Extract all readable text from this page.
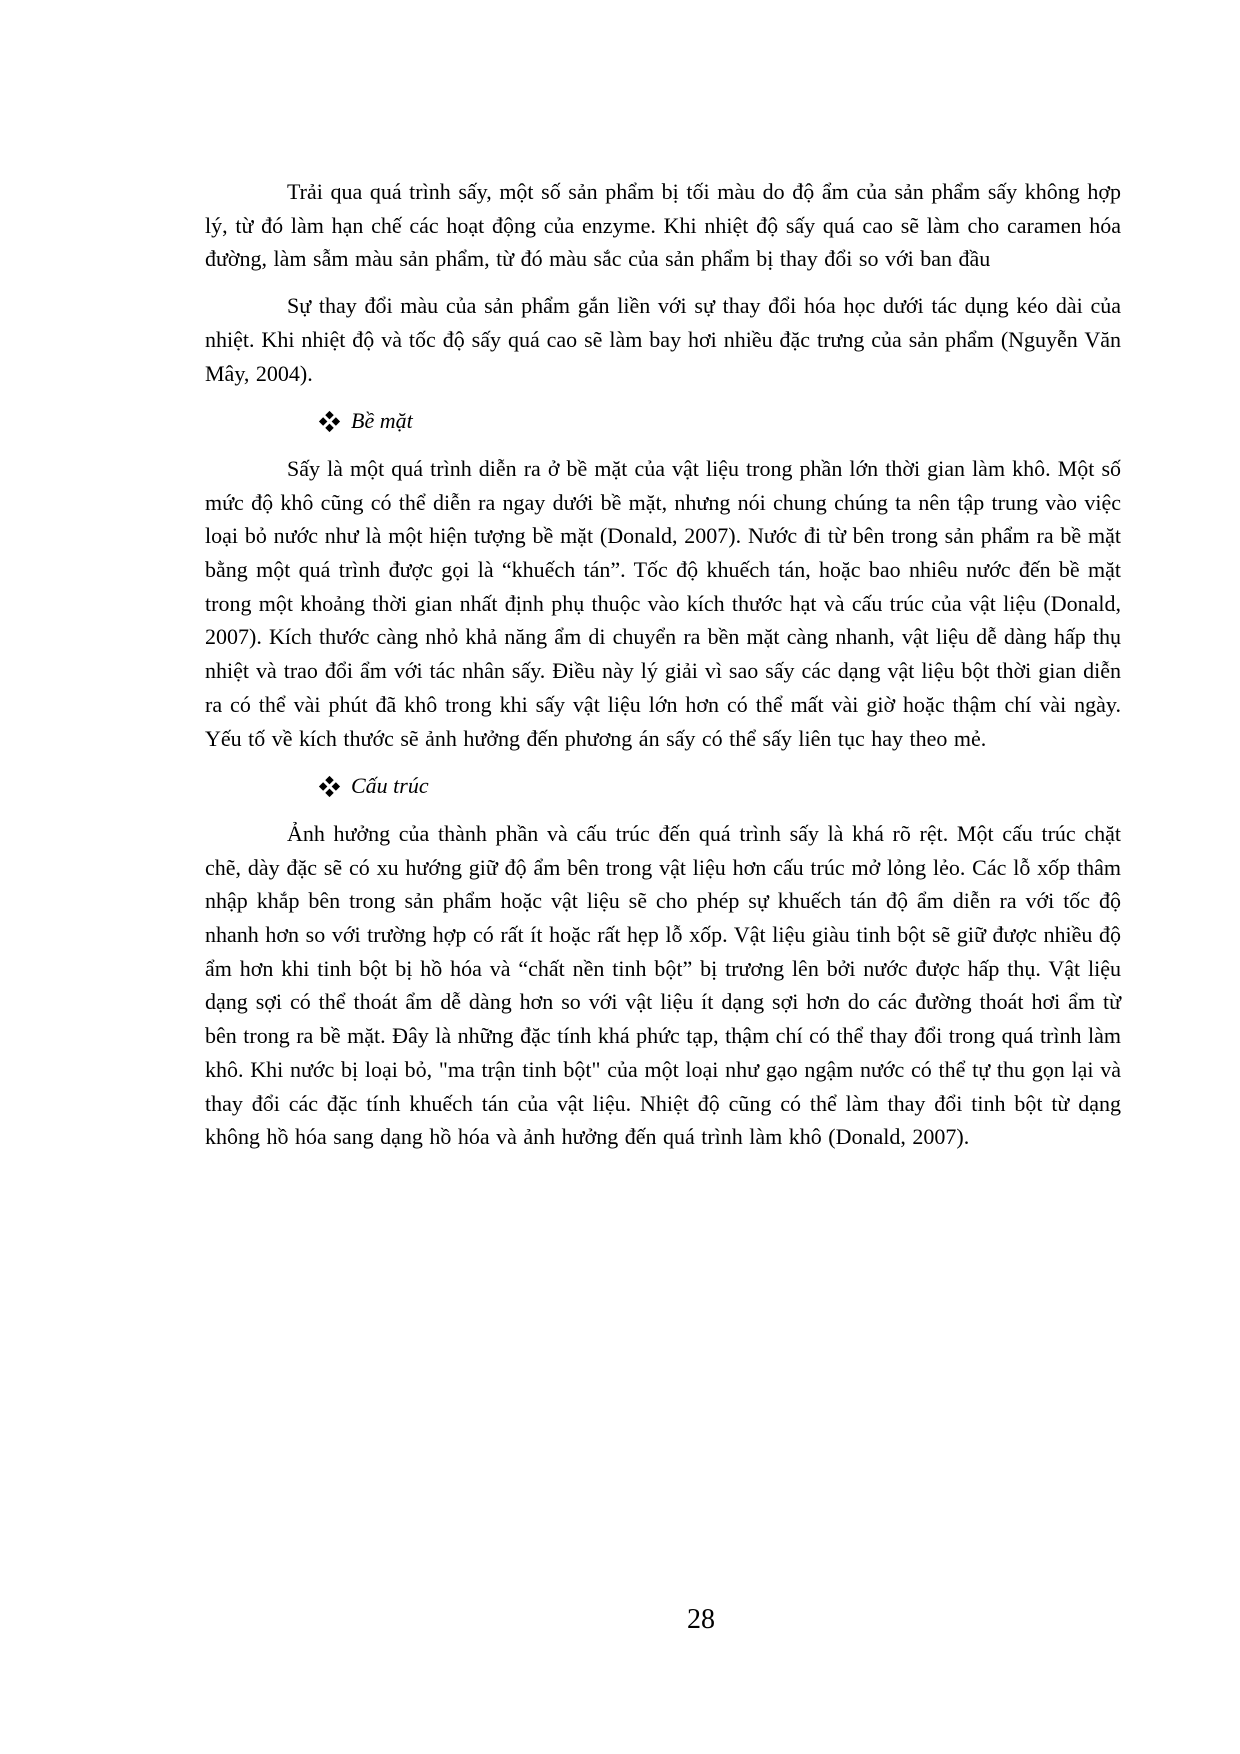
Trải qua quá trình sấy, một số sản phẩm bị tối màu do độ ẩm của sản phẩm sấy không hợp lý, từ đó làm hạn chế các hoạt động của enzyme. Khi nhiệt độ sấy quá cao sẽ làm cho caramen hóa đường, làm sẫm màu sản phẩm, từ đó màu sắc của sản phẩm bị thay đổi so với ban đầu

Sự thay đổi màu của sản phẩm gắn liền với sự thay đổi hóa học dưới tác dụng kéo dài của nhiệt. Khi nhiệt độ và tốc độ sấy quá cao sẽ làm bay hơi nhiều đặc trưng của sản phẩm (Nguyễn Văn Mây, 2004).

Bề mặt

Sấy là một quá trình diễn ra ở bề mặt của vật liệu trong phần lớn thời gian làm khô. Một số mức độ khô cũng có thể diễn ra ngay dưới bề mặt, nhưng nói chung chúng ta nên tập trung vào việc loại bỏ nước như là một hiện tượng bề mặt (Donald, 2007). Nước đi từ bên trong sản phẩm ra bề mặt bằng một quá trình được gọi là “khuếch tán”. Tốc độ khuếch tán, hoặc bao nhiêu nước đến bề mặt trong một khoảng thời gian nhất định phụ thuộc vào kích thước hạt và cấu trúc của vật liệu (Donald, 2007). Kích thước càng nhỏ khả năng ẩm di chuyển ra bền mặt càng nhanh, vật liệu dễ dàng hấp thụ nhiệt và trao đổi ẩm với tác nhân sấy. Điều này lý giải vì sao sấy các dạng vật liệu bột thời gian diễn ra có thể vài phút đã khô trong khi sấy vật liệu lớn hơn có thể mất vài giờ hoặc thậm chí vài ngày. Yếu tố về kích thước sẽ ảnh hưởng đến phương án sấy có thể sấy liên tục hay theo mẻ.

Cấu trúc

Ảnh hưởng của thành phần và cấu trúc đến quá trình sấy là khá rõ rệt. Một cấu trúc chặt chẽ, dày đặc sẽ có xu hướng giữ độ ẩm bên trong vật liệu hơn cấu trúc mở lỏng lẻo. Các lỗ xốp thâm nhập khắp bên trong sản phẩm hoặc vật liệu sẽ cho phép sự khuếch tán độ ẩm diễn ra với tốc độ nhanh hơn so với trường hợp có rất ít hoặc rất hẹp lỗ xốp. Vật liệu giàu tinh bột sẽ giữ được nhiều độ ẩm hơn khi tinh bột bị hồ hóa và “chất nền tinh bột” bị trương lên bởi nước được hấp thụ. Vật liệu dạng sợi có thể thoát ẩm dễ dàng hơn so với vật liệu ít dạng sợi hơn do các đường thoát hơi ẩm từ bên trong ra bề mặt. Đây là những đặc tính khá phức tạp, thậm chí có thể thay đổi trong quá trình làm khô. Khi nước bị loại bỏ, "ma trận tinh bột" của một loại như gạo ngậm nước có thể tự thu gọn lại và thay đổi các đặc tính khuếch tán của vật liệu. Nhiệt độ cũng có thể làm thay đổi tinh bột từ dạng không hồ hóa sang dạng hồ hóa và ảnh hưởng đến quá trình làm khô (Donald, 2007).

28
